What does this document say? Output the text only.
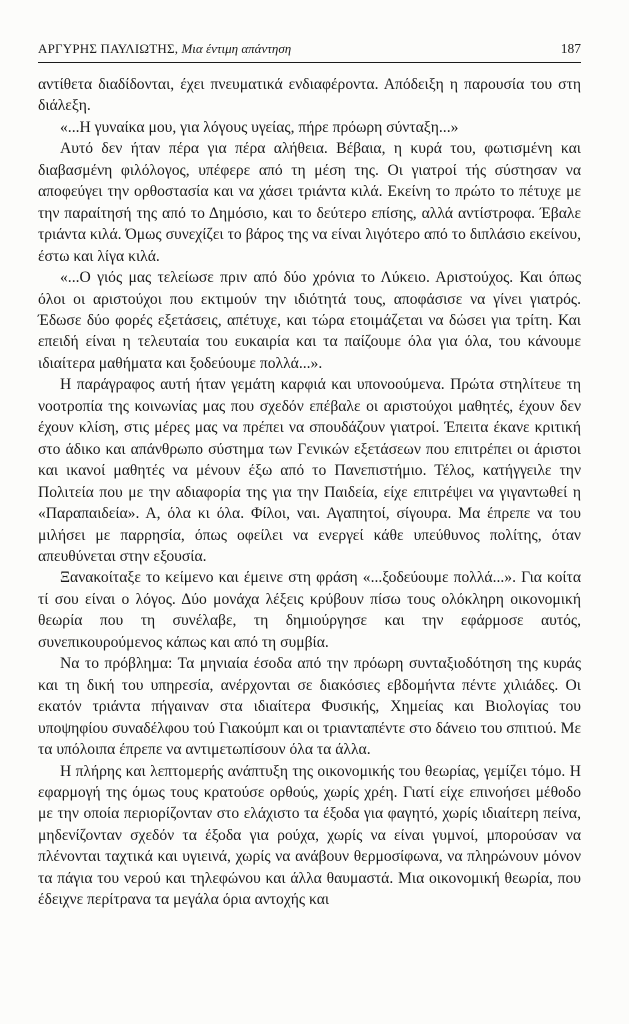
ΑΡΓΥΡΗΣ ΠΑΥΛΙΩΤΗΣ, Μια έντιμη απάντηση	187

αντίθετα διαδίδονται, έχει πνευματικά ενδιαφέροντα. Απόδειξη η παρουσία του στη διάλεξη.

«...Η γυναίκα μου, για λόγους υγείας, πήρε πρόωρη σύνταξη...»

Αυτό δεν ήταν πέρα για πέρα αλήθεια. Βέβαια, η κυρά του, φωτισμένη και διαβασμένη φιλόλογος, υπέφερε από τη μέση της. Οι γιατροί τής σύστησαν να αποφεύγει την ορθοστασία και να χάσει τριάντα κιλά. Εκείνη το πρώτο το πέτυχε με την παραίτησή της από το Δημόσιο, και το δεύτερο επίσης, αλλά αντίστροφα. Έβαλε τριάντα κιλά. Όμως συνεχίζει το βάρος της να είναι λιγότερο από το διπλάσιο εκείνου, έστω και λίγα κιλά.

«...Ο γιός μας τελείωσε πριν από δύο χρόνια το Λύκειο. Αριστούχος. Και όπως όλοι οι αριστούχοι που εκτιμούν την ιδιότητά τους, αποφάσισε να γίνει γιατρός. Έδωσε δύο φορές εξετάσεις, απέτυχε, και τώρα ετοιμάζεται να δώσει για τρίτη. Και επειδή είναι η τελευταία του ευκαιρία και τα παίζουμε όλα για όλα, του κάνουμε ιδιαίτερα μαθήματα και ξοδεύουμε πολλά...».

Η παράγραφος αυτή ήταν γεμάτη καρφιά και υπονοούμενα. Πρώτα στηλίτευε τη νοοτροπία της κοινωνίας μας που σχεδόν επέβαλε οι αριστούχοι μαθητές, έχουν δεν έχουν κλίση, στις μέρες μας να πρέπει να σπουδάζουν γιατροί. Έπειτα έκανε κριτική στο άδικο και απάνθρωπο σύστημα των Γενικών εξετάσεων που επιτρέπει οι άριστοι και ικανοί μαθητές να μένουν έξω από το Πανεπιστήμιο. Τέλος, κατήγγειλε την Πολιτεία που με την αδιαφορία της για την Παιδεία, είχε επιτρέψει να γιγαντωθεί η «Παραπαιδεία». Α, όλα κι όλα. Φίλοι, ναι. Αγαπητοί, σίγουρα. Μα έπρεπε να του μιλήσει με παρρησία, όπως οφείλει να ενεργεί κάθε υπεύθυνος πολίτης, όταν απευθύνεται στην εξουσία.

Ξανακοίταξε το κείμενο και έμεινε στη φράση «...ξοδεύουμε πολλά...». Για κοίτα τί σου είναι ο λόγος. Δύο μονάχα λέξεις κρύβουν πίσω τους ολόκληρη οικονομική θεωρία που τη συνέλαβε, τη δημιούργησε και την εφάρμοσε αυτός, συνεπικουρούμενος κάπως και από τη συμβία.

Να το πρόβλημα: Τα μηνιαία έσοδα από την πρόωρη συνταξιοδότηση της κυράς και τη δική του υπηρεσία, ανέρχονται σε διακόσιες εβδομήντα πέντε χιλιάδες. Οι εκατόν τριάντα πήγαιναν στα ιδιαίτερα Φυσικής, Χημείας και Βιολογίας του υποψηφίου συναδέλφου τού Γιακούμπ και οι τριανταπέντε στο δάνειο του σπιτιού. Με τα υπόλοιπα έπρεπε να αντιμετωπίσουν όλα τα άλλα.

Η πλήρης και λεπτομερής ανάπτυξη της οικονομικής του θεωρίας, γεμίζει τόμο. Η εφαρμογή της όμως τους κρατούσε ορθούς, χωρίς χρέη. Γιατί είχε επινοήσει μέθοδο με την οποία περιορίζονταν στο ελάχιστο τα έξοδα για φαγητό, χωρίς ιδιαίτερη πείνα, μηδενίζονταν σχεδόν τα έξοδα για ρούχα, χωρίς να είναι γυμνοί, μπορούσαν να πλένονται ταχτικά και υγιεινά, χωρίς να ανάβουν θερμοσίφωνα, να πληρώνουν μόνον τα πάγια του νερού και τηλεφώνου και άλλα θαυμαστά. Μια οικονομική θεωρία, που έδειχνε περίτρανα τα μεγάλα όρια αντοχής και
